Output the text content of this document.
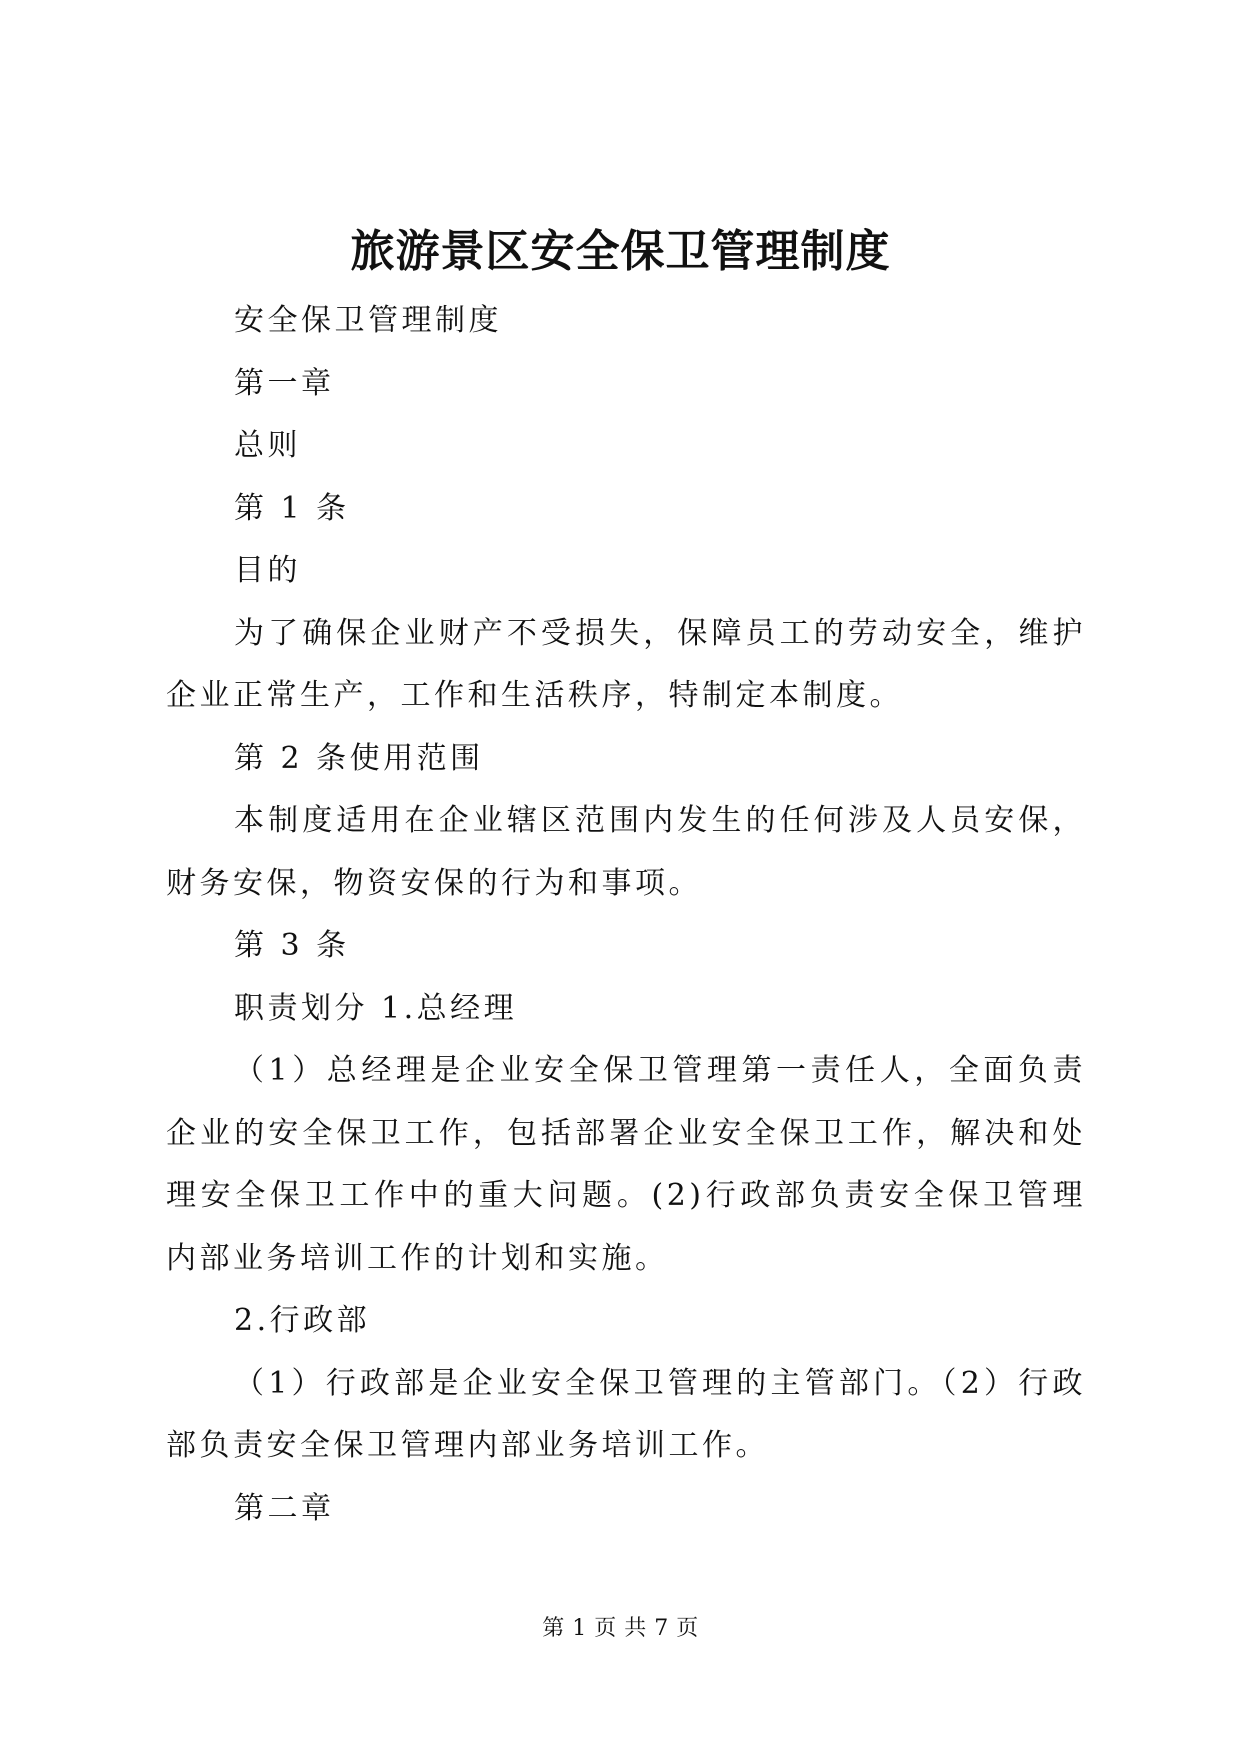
旅游景区安全保卫管理制度

安全保卫管理制度

第一章

总则

第 1 条

目的

为了确保企业财产不受损失，保障员工的劳动安全，维护企业正常生产，工作和生活秩序，特制定本制度。

第 2 条使用范围

本制度适用在企业辖区范围内发生的任何涉及人员安保，财务安保，物资安保的行为和事项。

第 3 条

职责划分 1.总经理

（1）总经理是企业安全保卫管理第一责任人，全面负责企业的安全保卫工作，包括部署企业安全保卫工作，解决和处理安全保卫工作中的重大问题。(2)行政部负责安全保卫管理内部业务培训工作的计划和实施。

2.行政部

（1）行政部是企业安全保卫管理的主管部门。（2）行政部负责安全保卫管理内部业务培训工作。

第二章

第 1 页 共 7 页
